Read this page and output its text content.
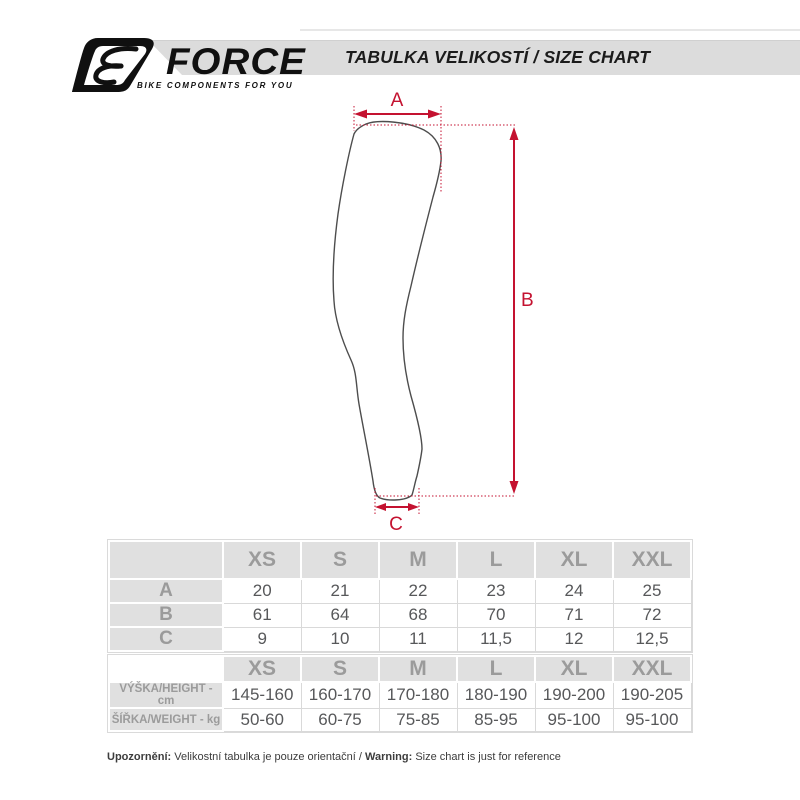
TABULKA VELIKOSTÍ / SIZE CHART
FORCE
BIKE COMPONENTS FOR YOU
A
B
C
	XS	S	M	L	XL	XXL
A	20	21	22	23	24	25
B	61	64	68	70	71	72
C	9	10	11	11,5	12	12,5
	XS	S	M	L	XL	XXL
VÝŠKA/HEIGHT - cm	145-160	160-170	170-180	180-190	190-200	190-205
ŠÍŘKA/WEIGHT - kg	50-60	60-75	75-85	85-95	95-100	95-100
Upozornění: Velikostní tabulka je pouze orientační / Warning: Size chart is just for reference
